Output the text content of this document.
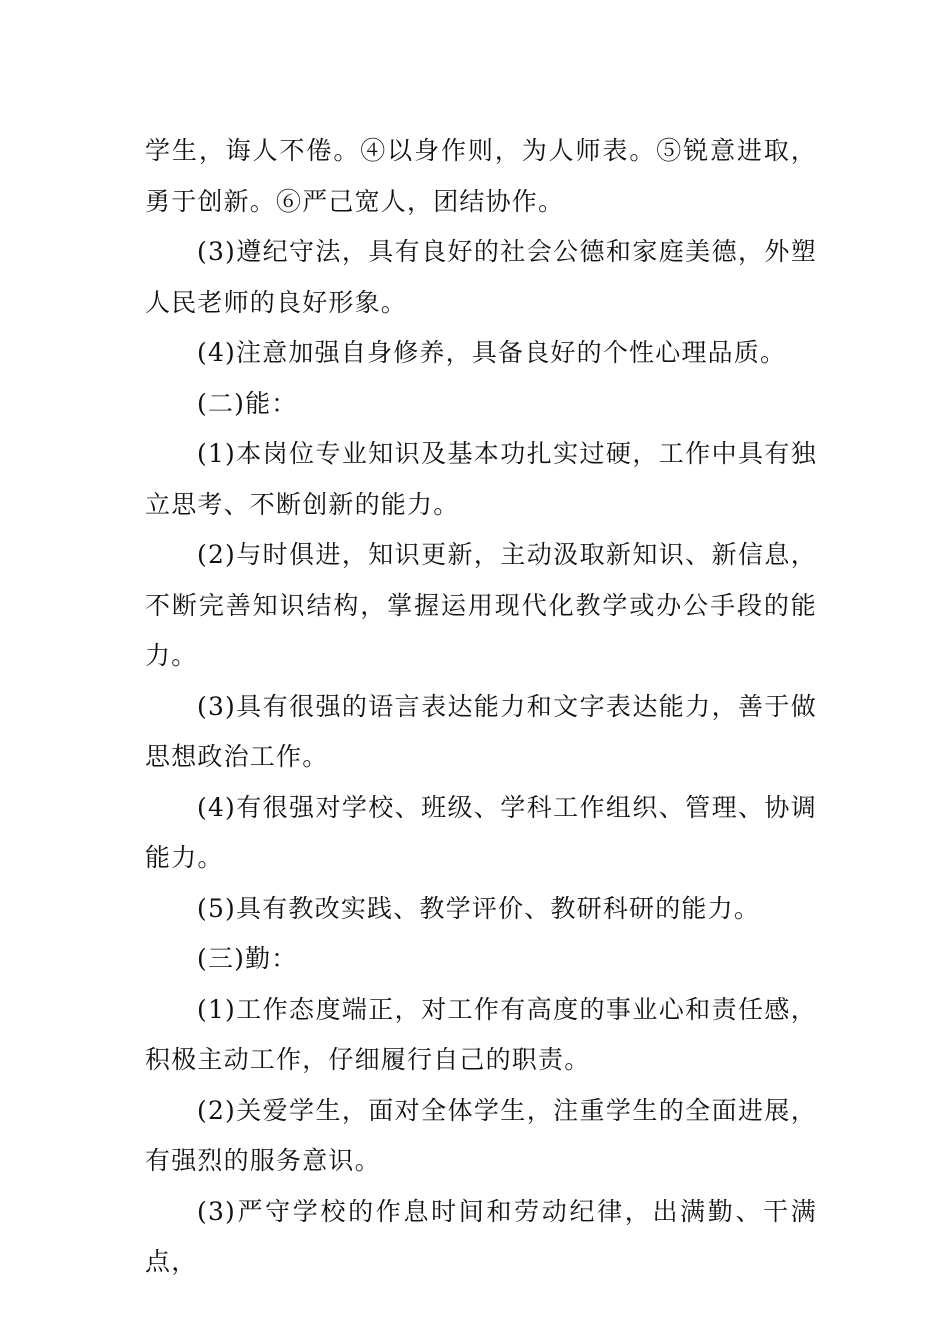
学生，诲人不倦。④以身作则，为人师表。⑤锐意进取，勇于创新。⑥严己宽人，团结协作。

(3)遵纪守法，具有良好的社会公德和家庭美德，外塑人民老师的良好形象。

(4)注意加强自身修养，具备良好的个性心理品质。

(二)能：

(1)本岗位专业知识及基本功扎实过硬，工作中具有独立思考、不断创新的能力。

(2)与时俱进，知识更新，主动汲取新知识、新信息，不断完善知识结构，掌握运用现代化教学或办公手段的能力。

(3)具有很强的语言表达能力和文字表达能力，善于做思想政治工作。

(4)有很强对学校、班级、学科工作组织、管理、协调能力。

(5)具有教改实践、教学评价、教研科研的能力。

(三)勤：

(1)工作态度端正，对工作有高度的事业心和责任感，积极主动工作，仔细履行自己的职责。

(2)关爱学生，面对全体学生，注重学生的全面进展，有强烈的服务意识。

(3)严守学校的作息时间和劳动纪律，出满勤、干满点，
